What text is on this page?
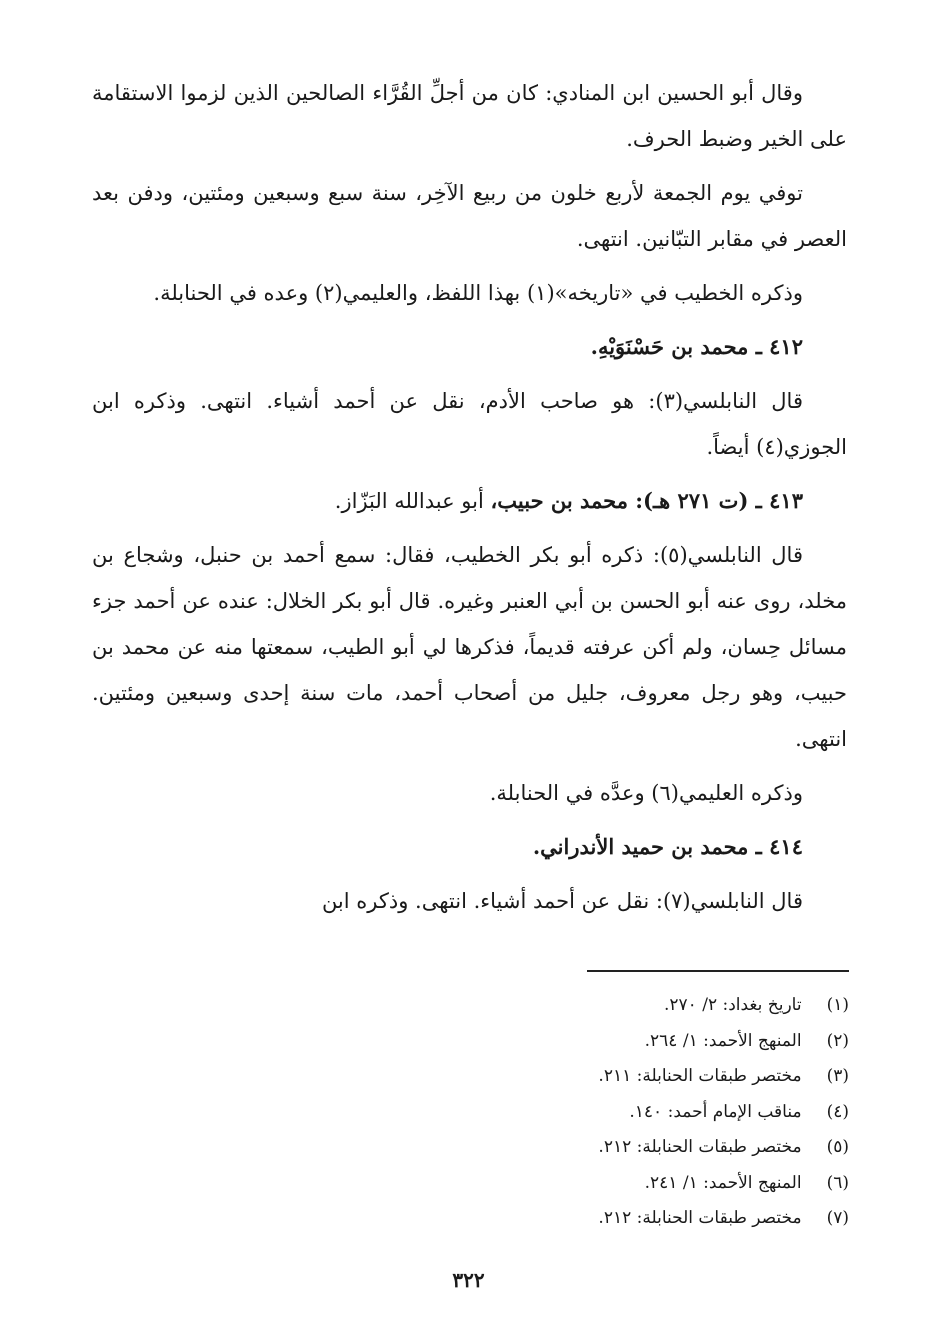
وقال أبو الحسين ابن المنادي: كان من أجلِّ القُرَّاء الصالحين الذين لزموا الاستقامة على الخير وضبط الحرف.

توفي يوم الجمعة لأربع خلون من ربيع الآخِر، سنة سبع وسبعين ومئتين، ودفن بعد العصر في مقابر التبّانين. انتهى.

وذكره الخطيب في «تاريخه»(١) بهذا اللفظ، والعليمي(٢) وعده في الحنابلة.

٤١٢ ـ محمد بن حَسْنَوَيْهِ.

قال النابلسي(٣): هو صاحب الأدم، نقل عن أحمد أشياء. انتهى. وذكره ابن الجوزي(٤) أيضاً.

٤١٣ ـ (ت ٢٧١ هـ): محمد بن حبيب، أبو عبدالله البَزّاز.

قال النابلسي(٥): ذكره أبو بكر الخطيب، فقال: سمع أحمد بن حنبل، وشجاع بن مخلد، روى عنه أبو الحسن بن أبي العنبر وغيره. قال أبو بكر الخلال: عنده عن أحمد جزء مسائل حِسان، ولم أكن عرفته قديماً، فذكرها لي أبو الطيب، سمعتها منه عن محمد بن حبيب، وهو رجل معروف، جليل من أصحاب أحمد، مات سنة إحدى وسبعين ومئتين. انتهى.

وذكره العليمي(٦) وعدَّه في الحنابلة.

٤١٤ ـ محمد بن حميد الأندراني.

قال النابلسي(٧): نقل عن أحمد أشياء. انتهى. وذكره ابن

(١) تاريخ بغداد: ٢/ ٢٧٠.
(٢) المنهج الأحمد: ١/ ٢٦٤.
(٣) مختصر طبقات الحنابلة: ٢١١.
(٤) مناقب الإمام أحمد: ١٤٠.
(٥) مختصر طبقات الحنابلة: ٢١٢.
(٦) المنهج الأحمد: ١/ ٢٤١.
(٧) مختصر طبقات الحنابلة: ٢١٢.
٣٢٢
